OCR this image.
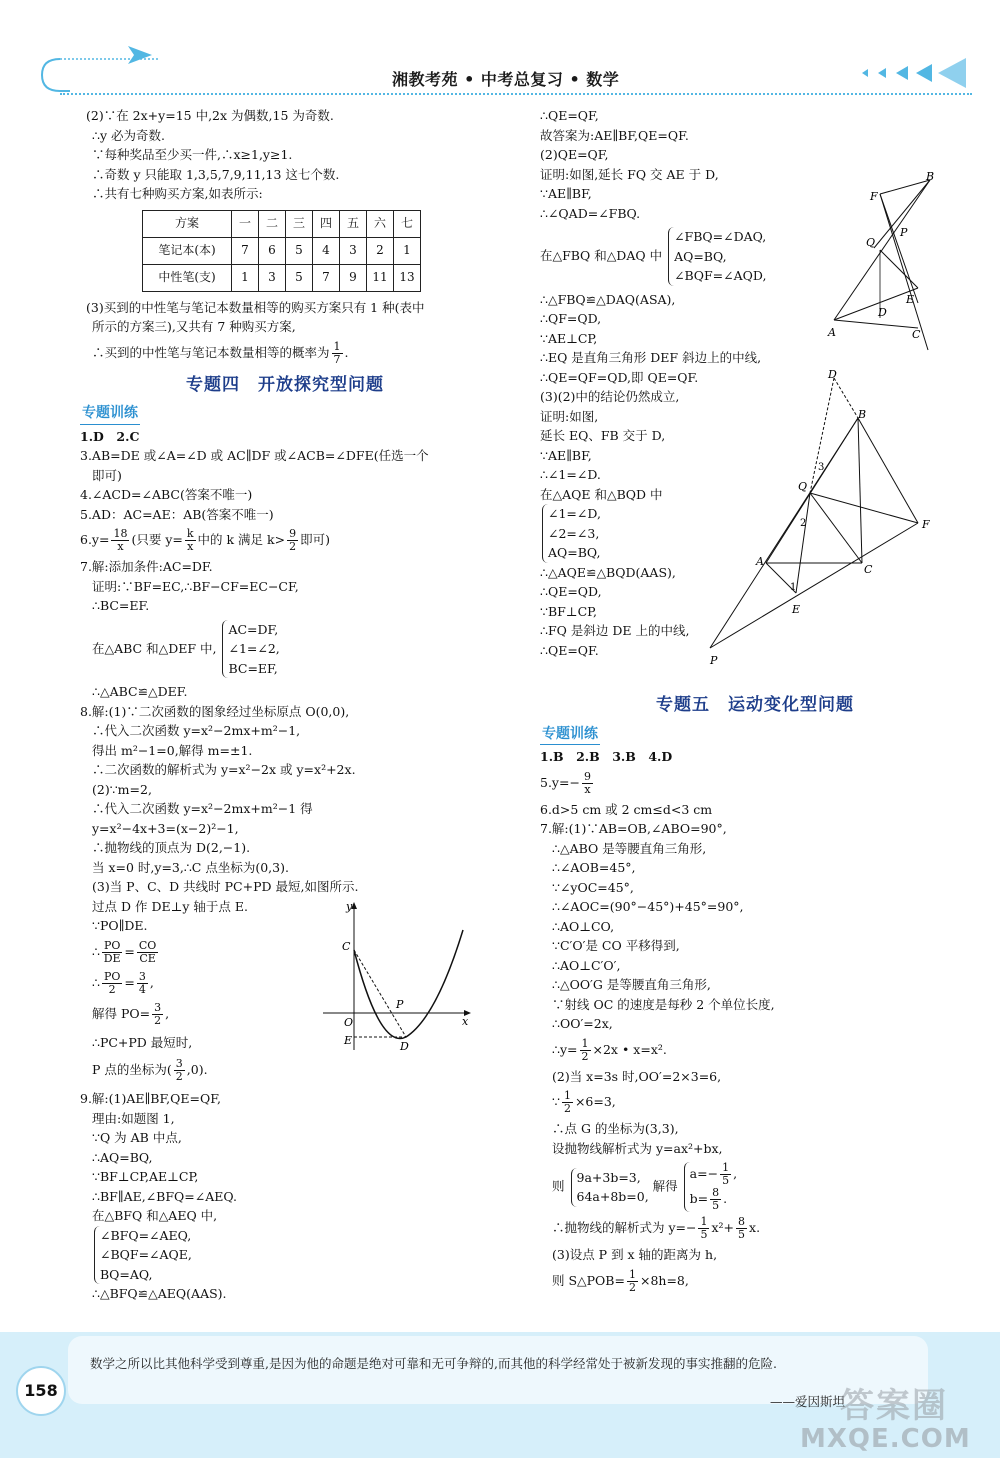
湘教考苑 • 中考总复习 • 数学
(2)∵在 2x+y=15 中,2x 为偶数,15 为奇数.
∴y 必为奇数.
∵每种奖品至少买一件,∴x≥1,y≥1.
∴奇数 y 只能取 1,3,5,7,9,11,13 这七个数.
∴共有七种购买方案,如表所示:
方案	一	二	三	四	五	六	七
笔记本(本)	7	6	5	4	3	2	1
中性笔(支)	1	3	5	7	9	11	13
(3)买到的中性笔与笔记本数量相等的购买方案只有 1 种(表中
所示的方案三),又共有 7 种购买方案,
∴买到的中性笔与笔记本数量相等的概率为 $\frac{1}{7}$ .
专题四　开放探究型问题
专题训练
1.D　2.C
3.AB=DE 或∠A=∠D 或 AC∥DF 或∠ACB=∠DFE(任选一个
即可)
4.∠ACD=∠ABC(答案不唯一)
5.AD：AC=AE：AB(答案不唯一)
$6.y= \frac{18}{x}$ (只要 $y= \frac{k}{x}$ 中的 k 满足 $k> \frac{9}{2}$ 即可)
7.解:添加条件:AC=DF.
证明:∵BF=EC,∴BF−CF=EC−CF,
∴BC=EF.
在△ABC 和△DEF 中,
AC=DF,
∠1=∠2,
BC=EF,
∴△ABC≌△DEF.
8.解:(1)∵二次函数的图象经过坐标原点 O(0,0),
∴代入二次函数 y=x²−2mx+m²−1,
得出 m²−1=0,解得 m=±1.
∴二次函数的解析式为 y=x²−2x 或 y=x²+2x.
(2)∵m=2,
∴代入二次函数 y=x²−2mx+m²−1 得
y=x²−4x+3=(x−2)²−1,
∴抛物线的顶点为 D(2,−1).
当 x=0 时,y=3,∴C 点坐标为(0,3).
(3)当 P、C、D 共线时 PC+PD 最短,如图所示.
过点 D 作 DE⊥y 轴于点 E.
∵PO∥DE.
∴ $\frac{PO}{DE} = \frac{CO}{CE}$
∴ $\frac{PO}{2} = \frac{3}{4}$ ,
解得 $PO= \frac{3}{2}$ ,
∴PC+PD 最短时,
P 点的坐标为( $\frac{3}{2} ,0$).
9.解:(1)AE∥BF,QE=QF,
理由:如题图 1,
∵Q 为 AB 中点,
∴AQ=BQ,
∵BF⊥CP,AE⊥CP,
∴BF∥AE,∠BFQ=∠AEQ.
在△BFQ 和△AEQ 中,
∠BFQ=∠AEQ,
∠BQF=∠AQE,
BQ=AQ,
∴△BFQ≌△AEQ(AAS).
y
x
C
O
E
P
D
∴QE=QF,
故答案为:AE∥BF,QE=QF.
(2)QE=QF,
证明:如图,延长 FQ 交 AE 于 D,
∵AE∥BF,
∴∠QAD=∠FBQ.
在△FBQ 和△DAQ 中
∠FBQ=∠DAQ,
AQ=BQ,
∠BQF=∠AQD,
∴△FBQ≌△DAQ(ASA),
∴QF=QD,
∵AE⊥CP,
∴EQ 是直角三角形 DEF 斜边上的中线,
∴QE=QF=QD,即 QE=QF.
(3)(2)中的结论仍然成立,
证明:如图,
延长 EQ、FB 交于 D,
∵AE∥BF,
∴∠1=∠D.
在△AQE 和△BQD 中
∠1=∠D,
∠2=∠3,
AQ=BQ,
∴△AQE≌△BQD(AAS),
∴QE=QD,
∵BF⊥CP,
∴FQ 是斜边 DE 上的中线,
∴QE=QF.
专题五　运动变化型问题
专题训练
1.B　2.B　3.B　4.D
$5.y=- \frac{9}{x}$
6.d>5 cm 或 2 cm≤d<3 cm
7.解:(1)∵AB=OB,∠ABO=90°,
∴△ABO 是等腰直角三角形,
∴∠AOB=45°,
∵∠yOC=45°,
∴∠AOC=(90°−45°)+45°=90°,
∴AO⊥CO,
∵C′O′是 CO 平移得到,
∴AO⊥C′O′,
∴△OO′G 是等腰直角三角形,
∵射线 OC 的速度是每秒 2 个单位长度,
∴OO′=2x,
∴y= $\frac{1}{2} \times 2x$ • x=x².
(2)当 x=3s 时,OO′=2×3=6,
∵ $\frac{1}{2} \times 6=3$,
∴点 G 的坐标为(3,3),
设抛物线解析式为 y=ax²+bx,
则
9a+3b=3,
64a+8b=0,
解得
$a=- \frac{1}{5}$ ,
$b= \frac{8}{5}$ .
∴抛物线的解析式为 $y=- \frac{1}{5} x^2+ \frac{8}{5} x$.
(3)设点 P 到 x 轴的距离为 h,
则 S△POB= $\frac{1}{2} \times 8h=8$,
B
F
P
Q
E
D
A	C
D
B
Q
F
A
C
E
P
1
2
3
158
数学之所以比其他科学受到尊重,是因为他的命题是绝对可靠和无可争辩的,而其他的科学经常处于被新发现的事实推翻的危险.
——爱因斯坦
答案圈
MXQE.COM
